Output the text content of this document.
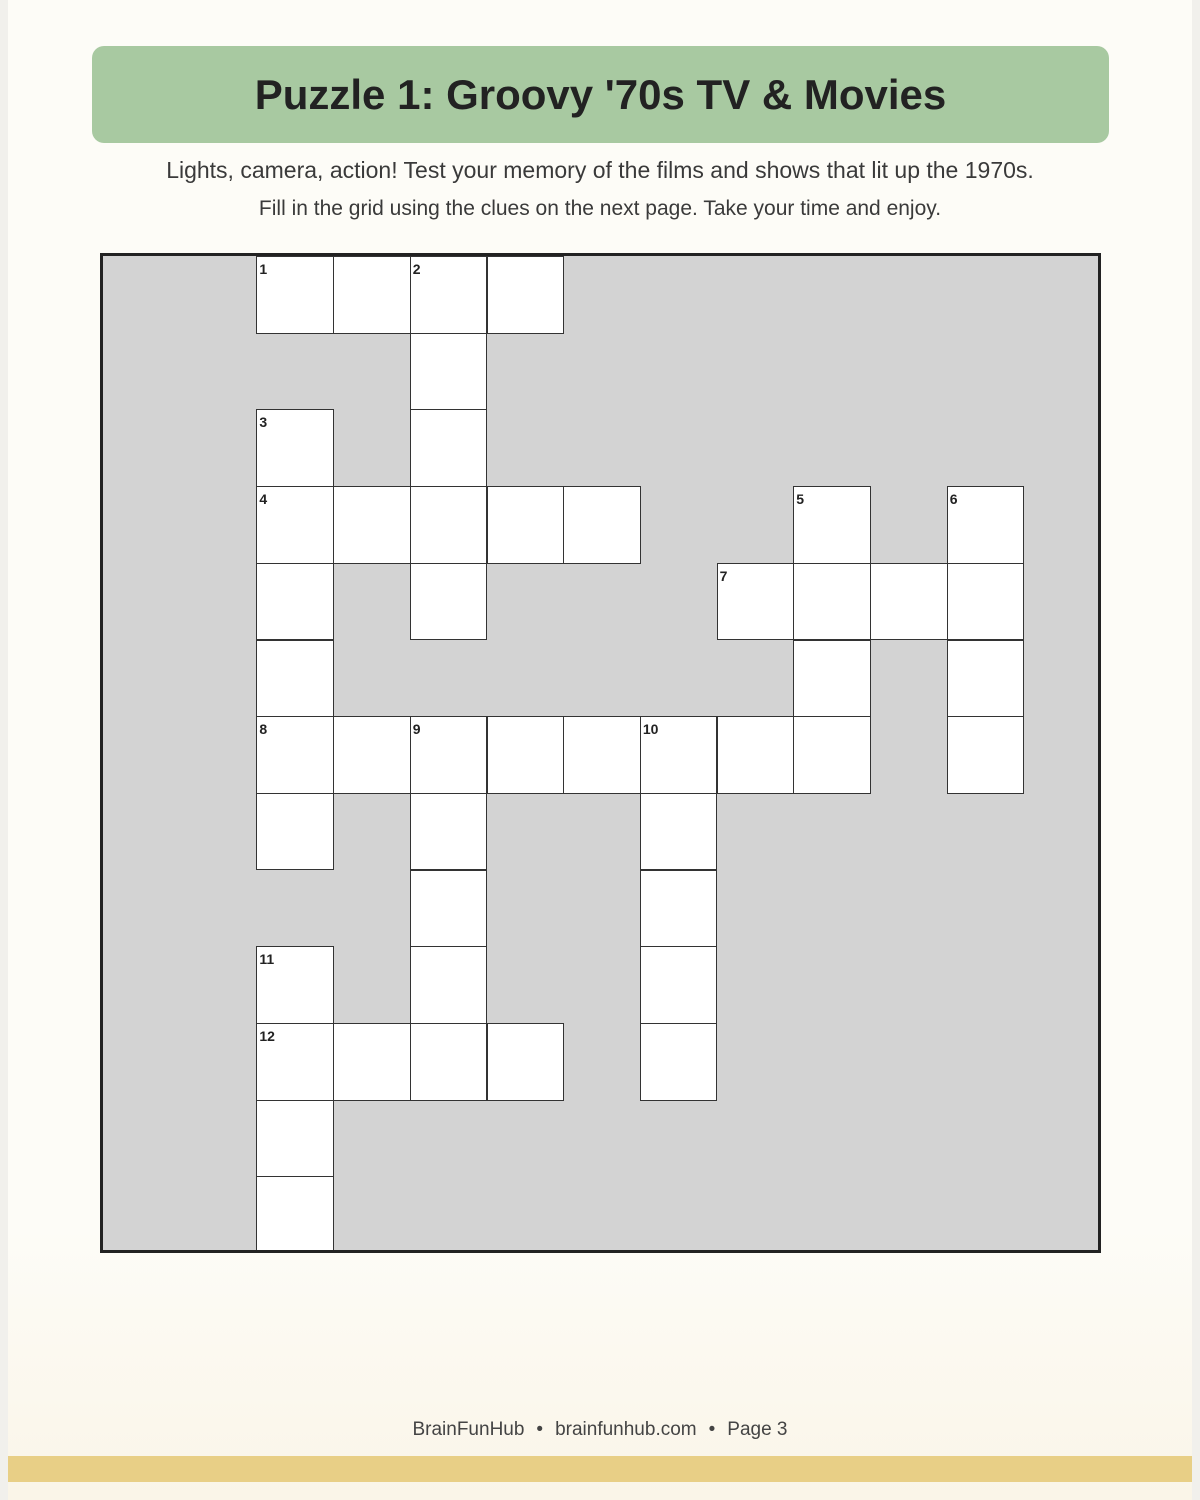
Puzzle 1: Groovy '70s TV & Movies
Lights, camera, action! Test your memory of the films and shows that lit up the 1970s.
Fill in the grid using the clues on the next page. Take your time and enjoy.
1	2
3
4	5	6
7
8	9	10
11
12
BrainFunHub • brainfunhub.com • Page 3
